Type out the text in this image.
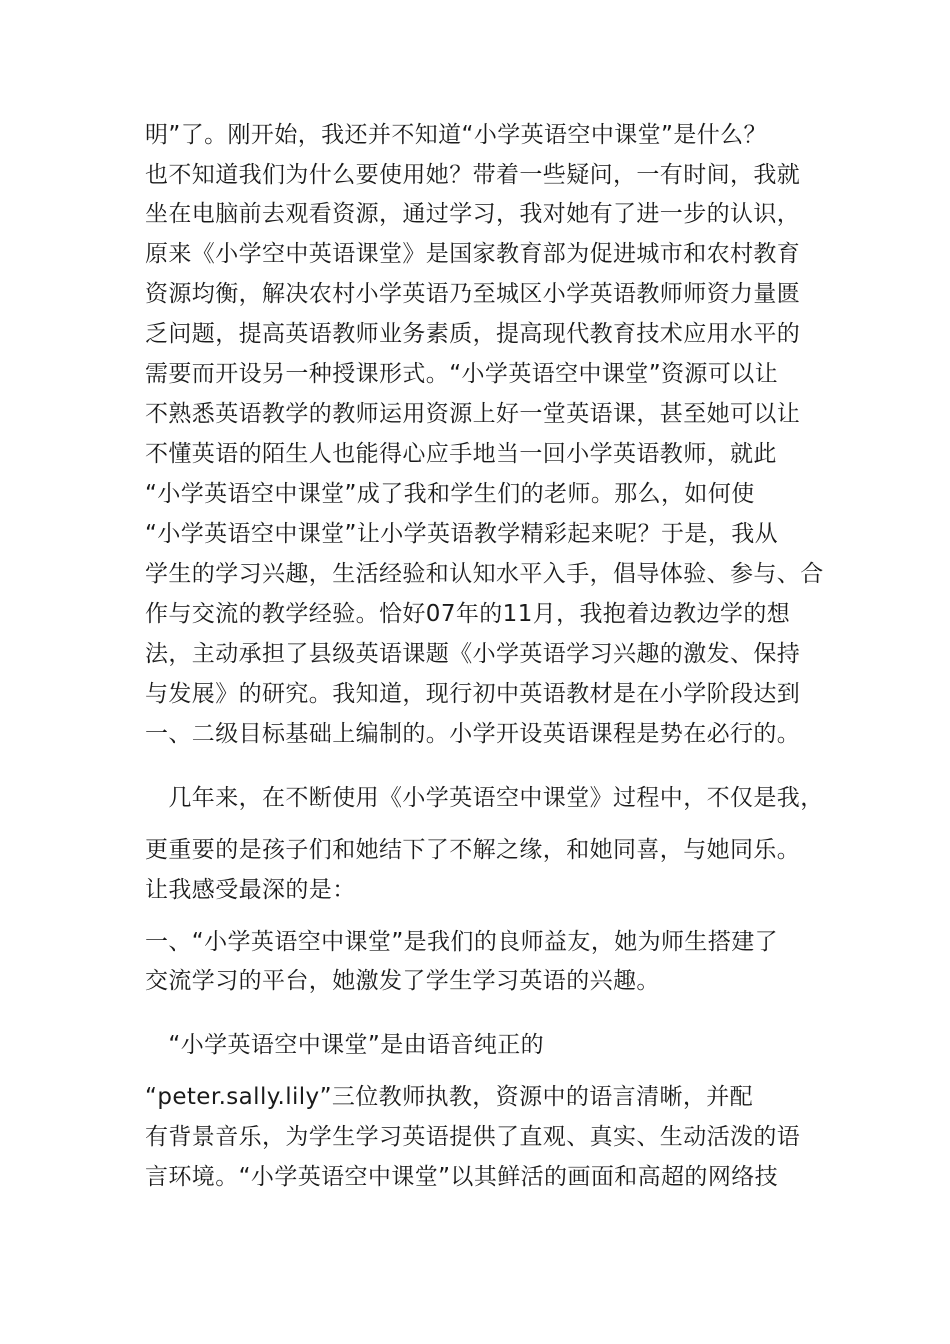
明”了。刚开始，我还并不知道“小学英语空中课堂”是什么？
也不知道我们为什么要使用她？带着一些疑问，一有时间，我就
坐在电脑前去观看资源，通过学习，我对她有了进一步的认识，
原来《小学空中英语课堂》是国家教育部为促进城市和农村教育
资源均衡，解决农村小学英语乃至城区小学英语教师师资力量匮
乏问题，提高英语教师业务素质，提高现代教育技术应用水平的
需要而开设另一种授课形式。“小学英语空中课堂”资源可以让
不熟悉英语教学的教师运用资源上好一堂英语课，甚至她可以让
不懂英语的陌生人也能得心应手地当一回小学英语教师，就此
“小学英语空中课堂”成了我和学生们的老师。那么，如何使
“小学英语空中课堂”让小学英语教学精彩起来呢？于是，我从
学生的学习兴趣，生活经验和认知水平入手，倡导体验、参与、合
作与交流的教学经验。恰好07年的11月，我抱着边教边学的想
法，主动承担了县级英语课题《小学英语学习兴趣的激发、保持
与发展》的研究。我知道，现行初中英语教材是在小学阶段达到
一、二级目标基础上编制的。小学开设英语课程是势在必行的。
　几年来，在不断使用《小学英语空中课堂》过程中，不仅是我，
更重要的是孩子们和她结下了不解之缘，和她同喜，与她同乐。
让我感受最深的是：
一、“小学英语空中课堂”是我们的良师益友，她为师生搭建了
交流学习的平台，她激发了学生学习英语的兴趣。
　“小学英语空中课堂”是由语音纯正的
“peter.sally.lily”三位教师执教，资源中的语言清晰，并配
有背景音乐，为学生学习英语提供了直观、真实、生动活泼的语
言环境。“小学英语空中课堂”以其鲜活的画面和高超的网络技
